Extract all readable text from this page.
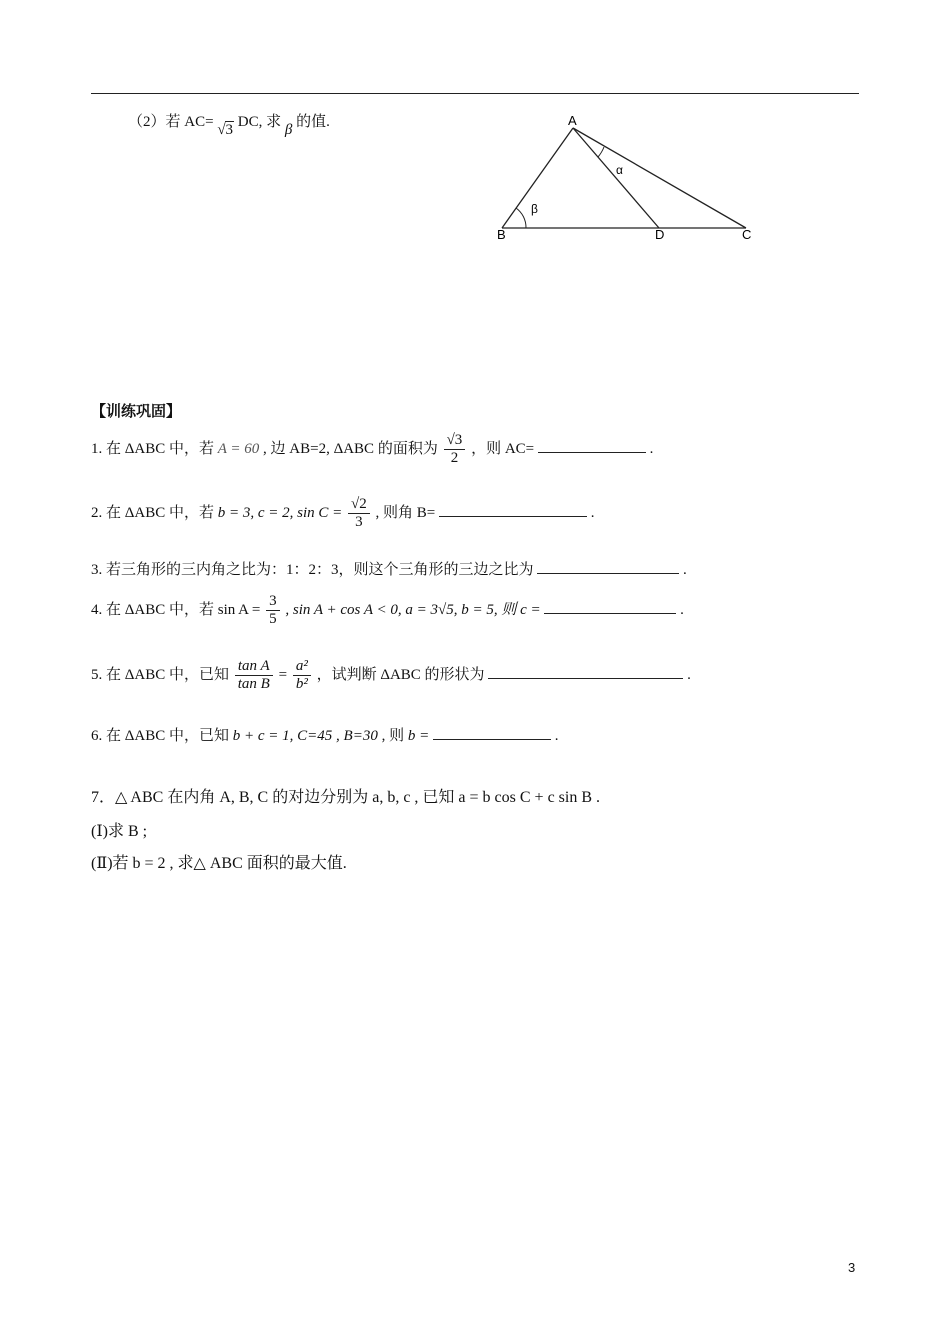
（2）若 AC= √3 DC, 求 β 的值.	A
B	D	C
α
β
【训练巩固】
1. 在 ΔABC 中，若 A = 60 , 边 AB=2, ΔABC 的面积为 $\frac{√3}{2}$ ，则 AC=	.
2. 在 ΔABC 中，若 b = 3, c = 2, $\sin C = \frac{√2}{3}$ , 则角 B=	.
3. 若三角形的三内角之比为：1：2：3，则这个三角形的三边之比为	.
4. 在 ΔABC 中，若 $\sin A = \frac{3}{5}$ , sin A + cos A < 0, a = 3√5, b = 5, 则 c =	.
5. 在 ΔABC 中，已知 $\frac{\text{tan A}}{\text{tan B}} = \frac{\text{a²}}{\text{b²}}$ ，试判断 ΔABC 的形状为	.
6. 在 ΔABC 中，已知 b + c = 1, C=45 , B=30 , 则 b =	.
7．△ ABC 在内角 A, B, C 的对边分别为 a, b, c , 已知 a = b cos C + c sin B .
(Ⅰ)求 B ;
(Ⅱ)若 b = 2 , 求△ ABC 面积的最大值.
3
